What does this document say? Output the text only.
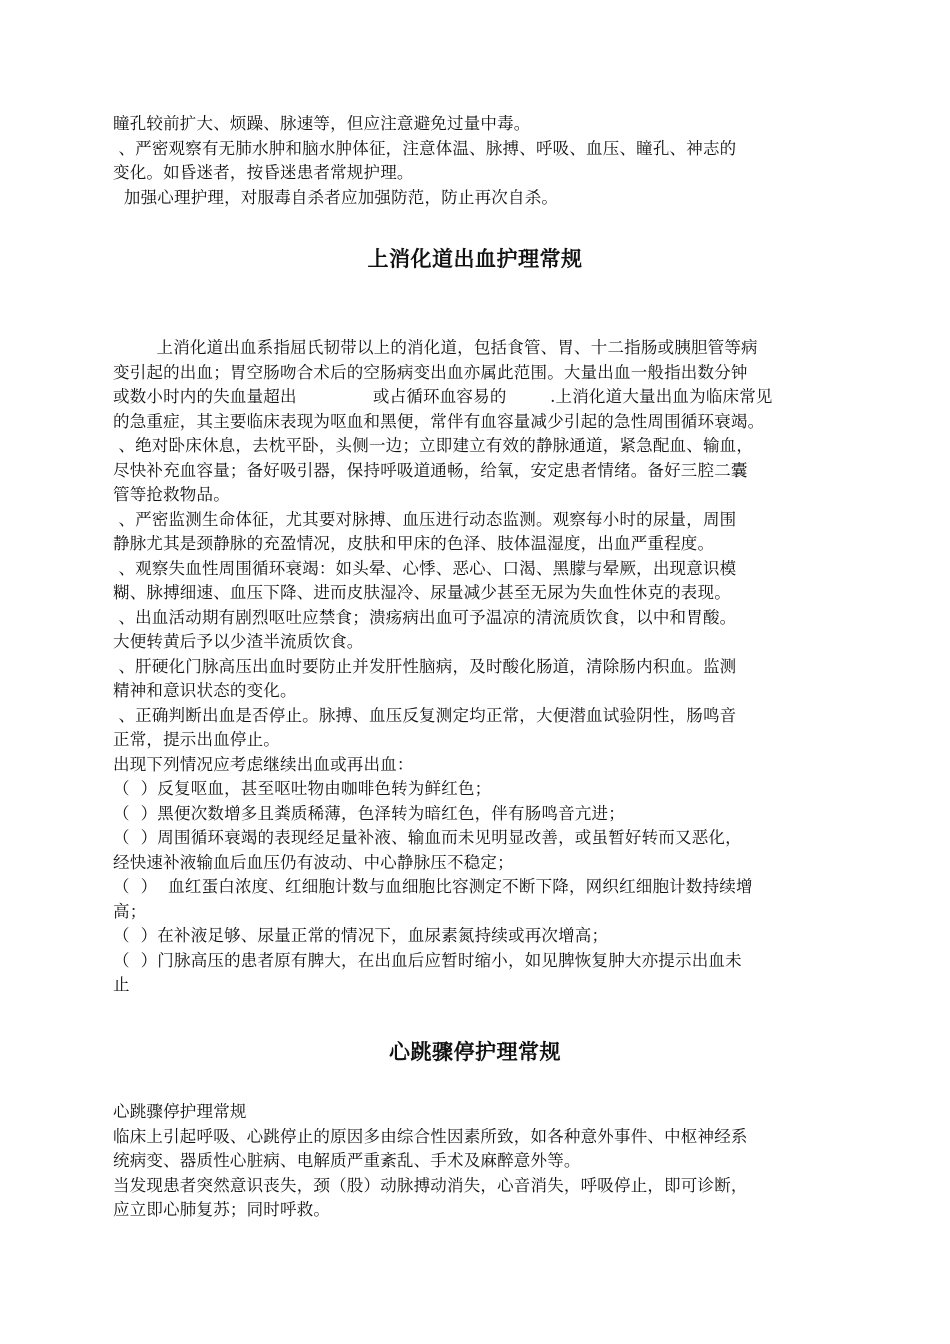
瞳孔较前扩大、烦躁、脉速等，但应注意避免过量中毒。
、严密观察有无肺水肿和脑水肿体征，注意体温、脉搏、呼吸、血压、瞳孔、神志的
变化。如昏迷者，按昏迷患者常规护理。
加强心理护理，对服毒自杀者应加强防范，防止再次自杀。
上消化道出血护理常规
上消化道出血系指屈氏韧带以上的消化道，包括食管、胃、十二指肠或胰胆管等病
变引起的出血；胃空肠吻合术后的空肠病变出血亦属此范围。大量出血一般指出数分钟
或数小时内的失血量超出              或占循环血容易的        .上消化道大量出血为临床常见
的急重症，其主要临床表现为呕血和黑便，常伴有血容量减少引起的急性周围循环衰竭。
、绝对卧床休息，去枕平卧，头侧一边；立即建立有效的静脉通道，紧急配血、输血，
尽快补充血容量；备好吸引器，保持呼吸道通畅，给氧，安定患者情绪。备好三腔二囊
管等抢救物品。
、严密监测生命体征，尤其要对脉搏、血压进行动态监测。观察每小时的尿量，周围
静脉尤其是颈静脉的充盈情况，皮肤和甲床的色泽、肢体温湿度，出血严重程度。
、观察失血性周围循环衰竭：如头晕、心悸、恶心、口渴、黑朦与晕厥，出现意识模
糊、脉搏细速、血压下降、进而皮肤湿冷、尿量减少甚至无尿为失血性休克的表现。
、出血活动期有剧烈呕吐应禁食；溃疡病出血可予温凉的清流质饮食，以中和胃酸。
大便转黄后予以少渣半流质饮食。
、肝硬化门脉高压出血时要防止并发肝性脑病，及时酸化肠道，清除肠内积血。监测
精神和意识状态的变化。
、正确判断出血是否停止。脉搏、血压反复测定均正常，大便潜血试验阴性，肠鸣音
正常，提示出血停止。
出现下列情况应考虑继续出血或再出血：
（  ）反复呕血，甚至呕吐物由咖啡色转为鲜红色；
（  ）黑便次数增多且粪质稀薄，色泽转为暗红色，伴有肠鸣音亢进；
（  ）周围循环衰竭的表现经足量补液、输血而未见明显改善，或虽暂好转而又恶化，
经快速补液输血后血压仍有波动、中心静脉压不稳定；
（  ）  血红蛋白浓度、红细胞计数与血细胞比容测定不断下降，网织红细胞计数持续增
高；
（  ）在补液足够、尿量正常的情况下，血尿素氮持续或再次增高；
（  ）门脉高压的患者原有脾大，在出血后应暂时缩小，如见脾恢复肿大亦提示出血未
止
心跳骤停护理常规
心跳骤停护理常规
临床上引起呼吸、心跳停止的原因多由综合性因素所致，如各种意外事件、中枢神经系
统病变、器质性心脏病、电解质严重紊乱、手术及麻醉意外等。
当发现患者突然意识丧失，颈（股）动脉搏动消失，心音消失，呼吸停止，即可诊断，
应立即心肺复苏；同时呼救。
